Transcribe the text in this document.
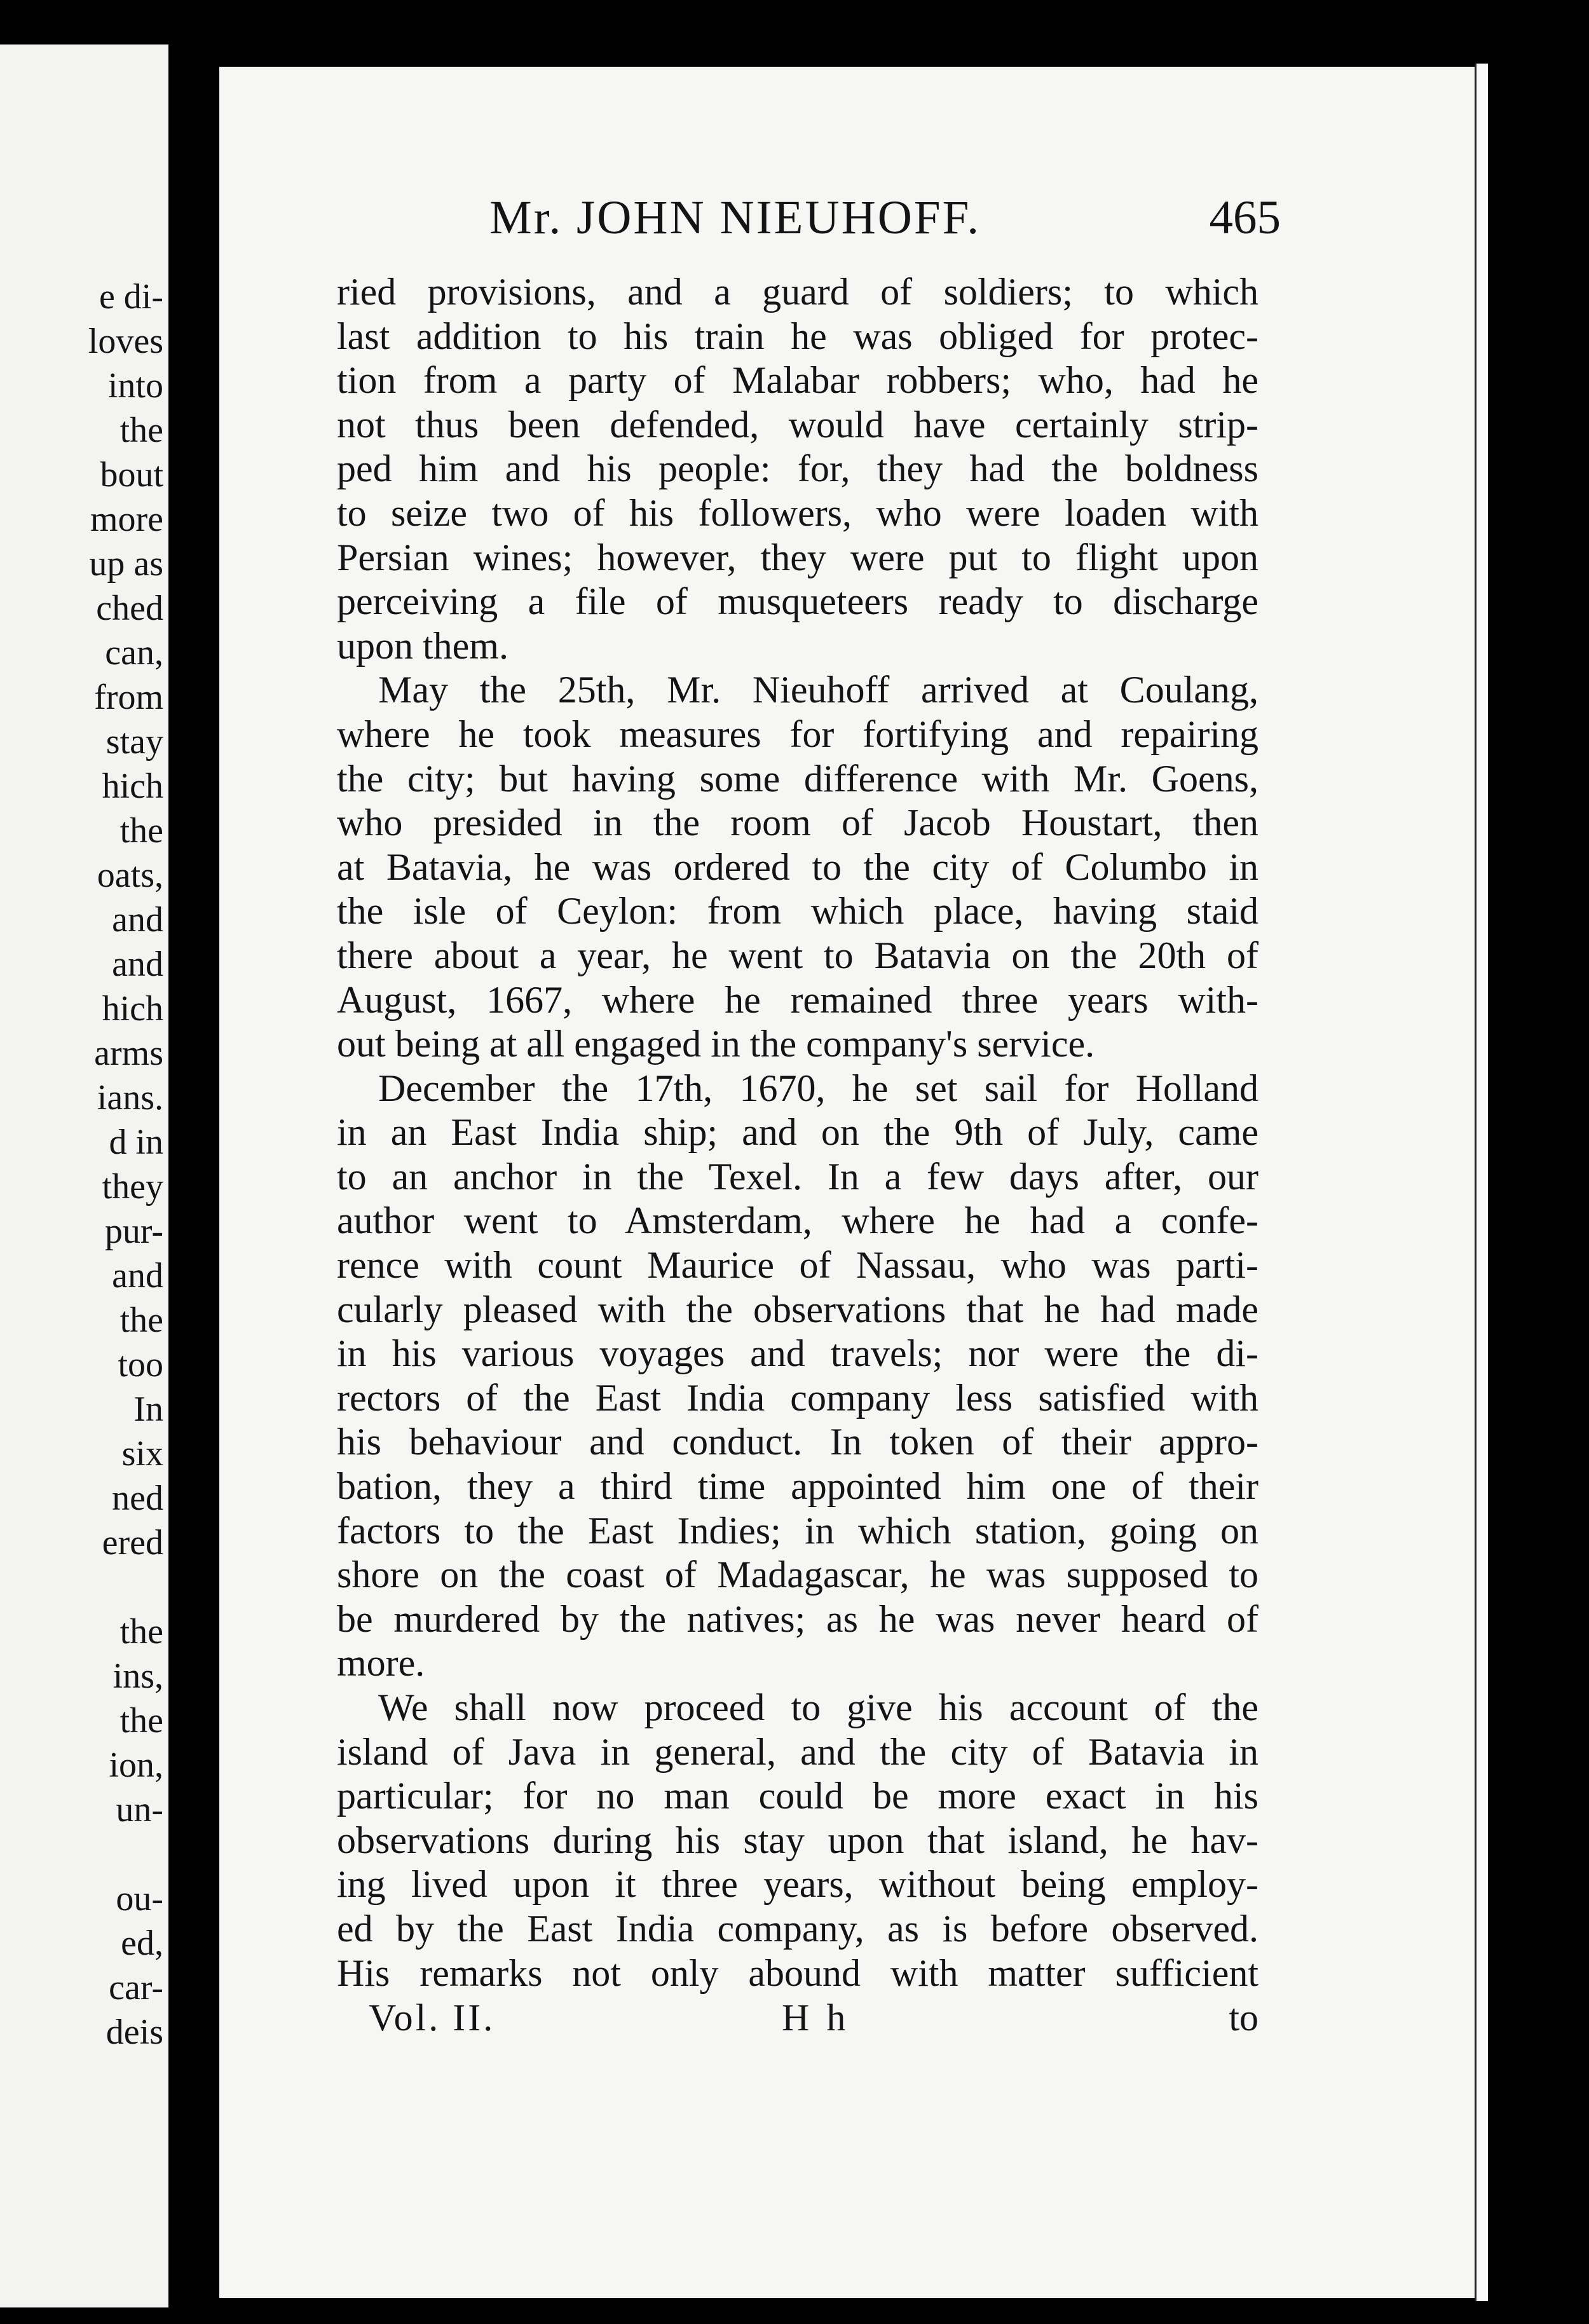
e di-
loves
into
the
bout
more
up as
ched
can,
from
stay
hich
the
oats,
and
and
hich
arms
ians.
d in
they
pur-
and
the
too
In
six
ned
ered
the
ins,
the
ion,
un-
ou-
ed,
car-
deis
Mr. JOHN NIEUHOFF.	465
ried provisions, and a guard of soldiers; to which
last addition to his train he was obliged for protec-
tion from a party of Malabar robbers; who, had he
not thus been defended, would have certainly strip-
ped him and his people: for, they had the boldness
to seize two of his followers, who were loaden with
Persian wines; however, they were put to flight upon
perceiving a file of musqueteers ready to discharge
upon them.
May the 25th, Mr. Nieuhoff arrived at Coulang,
where he took measures for fortifying and repairing
the city; but having some difference with Mr. Goens,
who presided in the room of Jacob Houstart, then
at Batavia, he was ordered to the city of Columbo in
the isle of Ceylon: from which place, having staid
there about a year, he went to Batavia on the 20th of
August, 1667, where he remained three years with-
out being at all engaged in the company's service.
December the 17th, 1670, he set sail for Holland
in an East India ship; and on the 9th of July, came
to an anchor in the Texel. In a few days after, our
author went to Amsterdam, where he had a confe-
rence with count Maurice of Nassau, who was parti-
cularly pleased with the observations that he had made
in his various voyages and travels; nor were the di-
rectors of the East India company less satisfied with
his behaviour and conduct. In token of their appro-
bation, they a third time appointed him one of their
factors to the East Indies; in which station, going on
shore on the coast of Madagascar, he was supposed to
be murdered by the natives; as he was never heard of
more.
We shall now proceed to give his account of the
island of Java in general, and the city of Batavia in
particular; for no man could be more exact in his
observations during his stay upon that island, he hav-
ing lived upon it three years, without being employ-
ed by the East India company, as is before observed.
His remarks not only abound with matter sufficient
Vol. II.	H h	to
